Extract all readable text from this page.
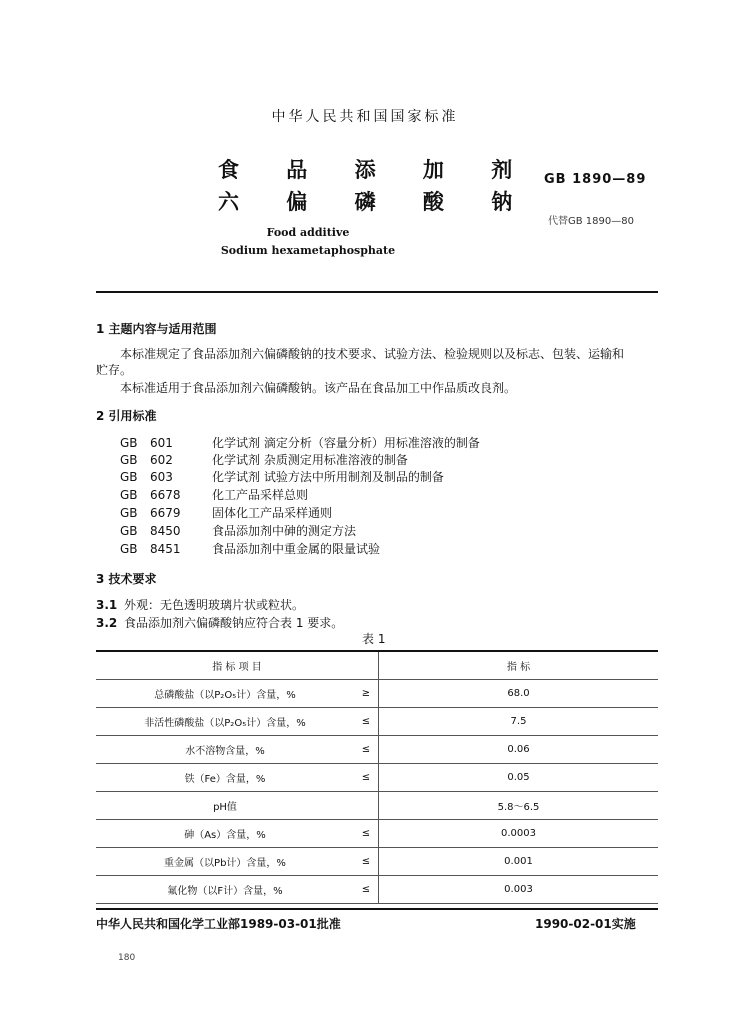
中华人民共和国国家标准
食 品 添 加 剂
六 偏 磷 酸 钠
GB 1890—89
代替GB 1890—80
Food additive
Sodium hexametaphosphate
1 主题内容与适用范围
本标准规定了食品添加剂六偏磷酸钠的技术要求、试验方法、检验规则以及标志、包装、运输和
贮存。
本标准适用于食品添加剂六偏磷酸钠。该产品在食品加工中作品质改良剂。
2 引用标准
GB 601	化学试剂 滴定分析（容量分析）用标准溶液的制备
GB 602	化学试剂 杂质测定用标准溶液的制备
GB 603	化学试剂 试验方法中所用制剂及制品的制备
GB 6678	化工产品采样总则
GB 6679	固体化工产品采样通则
GB 8450	食品添加剂中砷的测定方法
GB 8451	食品添加剂中重金属的限量试验
3 技术要求
3.1 外观：无色透明玻璃片状或粒状。
3.2 食品添加剂六偏磷酸钠应符合表 1 要求。
表 1
指 标 项 目		指 标
总磷酸盐（以P₂O₅计）含量，%	≥	68.0
非活性磷酸盐（以P₂O₅计）含量，%	≤	7.5
水不溶物含量，%	≤	0.06
铁（Fe）含量，%	≤	0.05
pH值		5.8～6.5
砷（As）含量，%	≤	0.0003
重金属（以Pb计）含量，%	≤	0.001
氟化物（以F计）含量，%	≤	0.003
中华人民共和国化学工业部1989-03-01批准	1990-02-01实施
180
